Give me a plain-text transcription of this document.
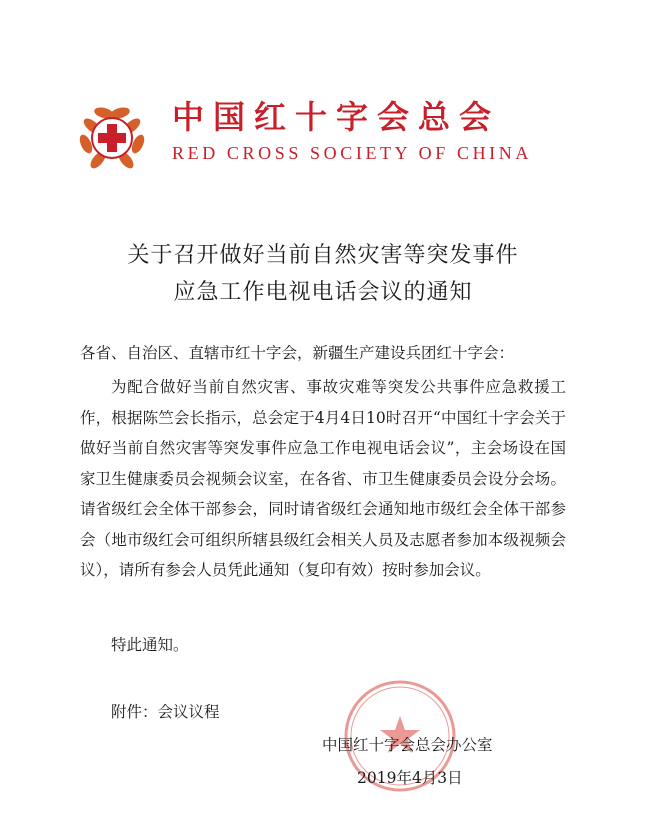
中国红十字会总会
RED CROSS SOCIETY OF CHINA
关于召开做好当前自然灾害等突发事件
应急工作电视电话会议的通知
各省、自治区、直辖市红十字会，新疆生产建设兵团红十字会：

为配合做好当前自然灾害、事故灾难等突发公共事件应急救援工作，根据陈竺会长指示，总会定于4月4日10时召开“中国红十字会关于做好当前自然灾害等突发事件应急工作电视电话会议”，主会场设在国家卫生健康委员会视频会议室，在各省、市卫生健康委员会设分会场。请省级红会全体干部参会，同时请省级红会通知地市级红会全体干部参会（地市级红会可组织所辖县级红会相关人员及志愿者参加本级视频会议），请所有参会人员凭此通知（复印有效）按时参加会议。

特此通知。
附件：会议议程
中国红十字会总会办公室
2019年4月3日
